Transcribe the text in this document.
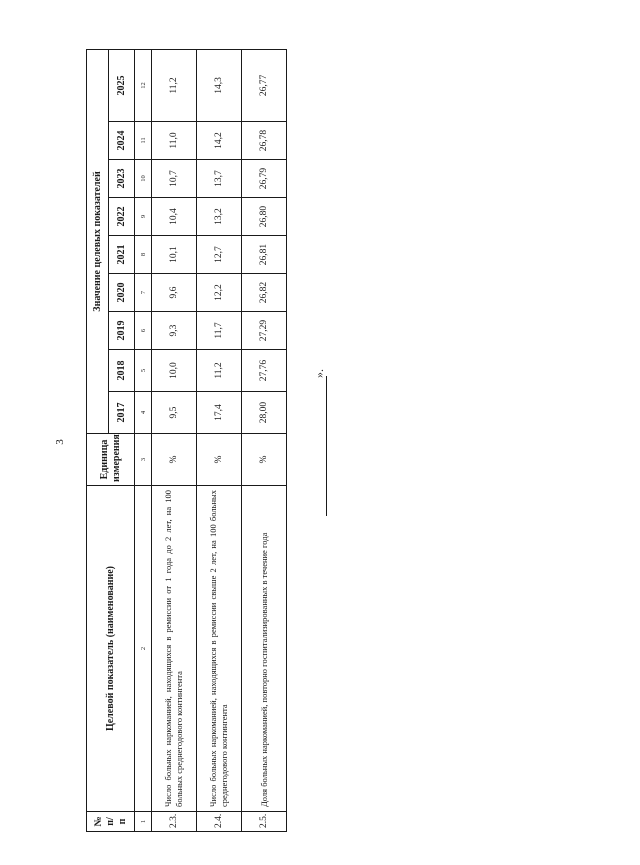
3
№ п/п	Целевой показатель (наименование)	Единица измерения	Значение целевых показателей								
			2017	2018	2019	2020	2021	2022	2023	2024	2025
1	2	3	4	5	6	7	8	9	10	11	12
2.3.	Число больных наркоманией, находящихся в ремиссии от 1 года до 2 лет, на 100 больных среднегодового контингента	%	9,5	10,0	9,3	9,6	10,1	10,4	10,7	11,0	11,2
2.4.	Число больных наркоманией, находящихся в ремиссии свыше 2 лет, на 100 больных среднегодового контингента	%	17,4	11,2	11,7	12,2	12,7	13,2	13,7	14,2	14,3
2.5.	Доля больных наркоманией, повторно госпитализированных в течение года	%	28,00	27,76	27,29	26,82	26,81	26,80	26,79	26,78	26,77
».
